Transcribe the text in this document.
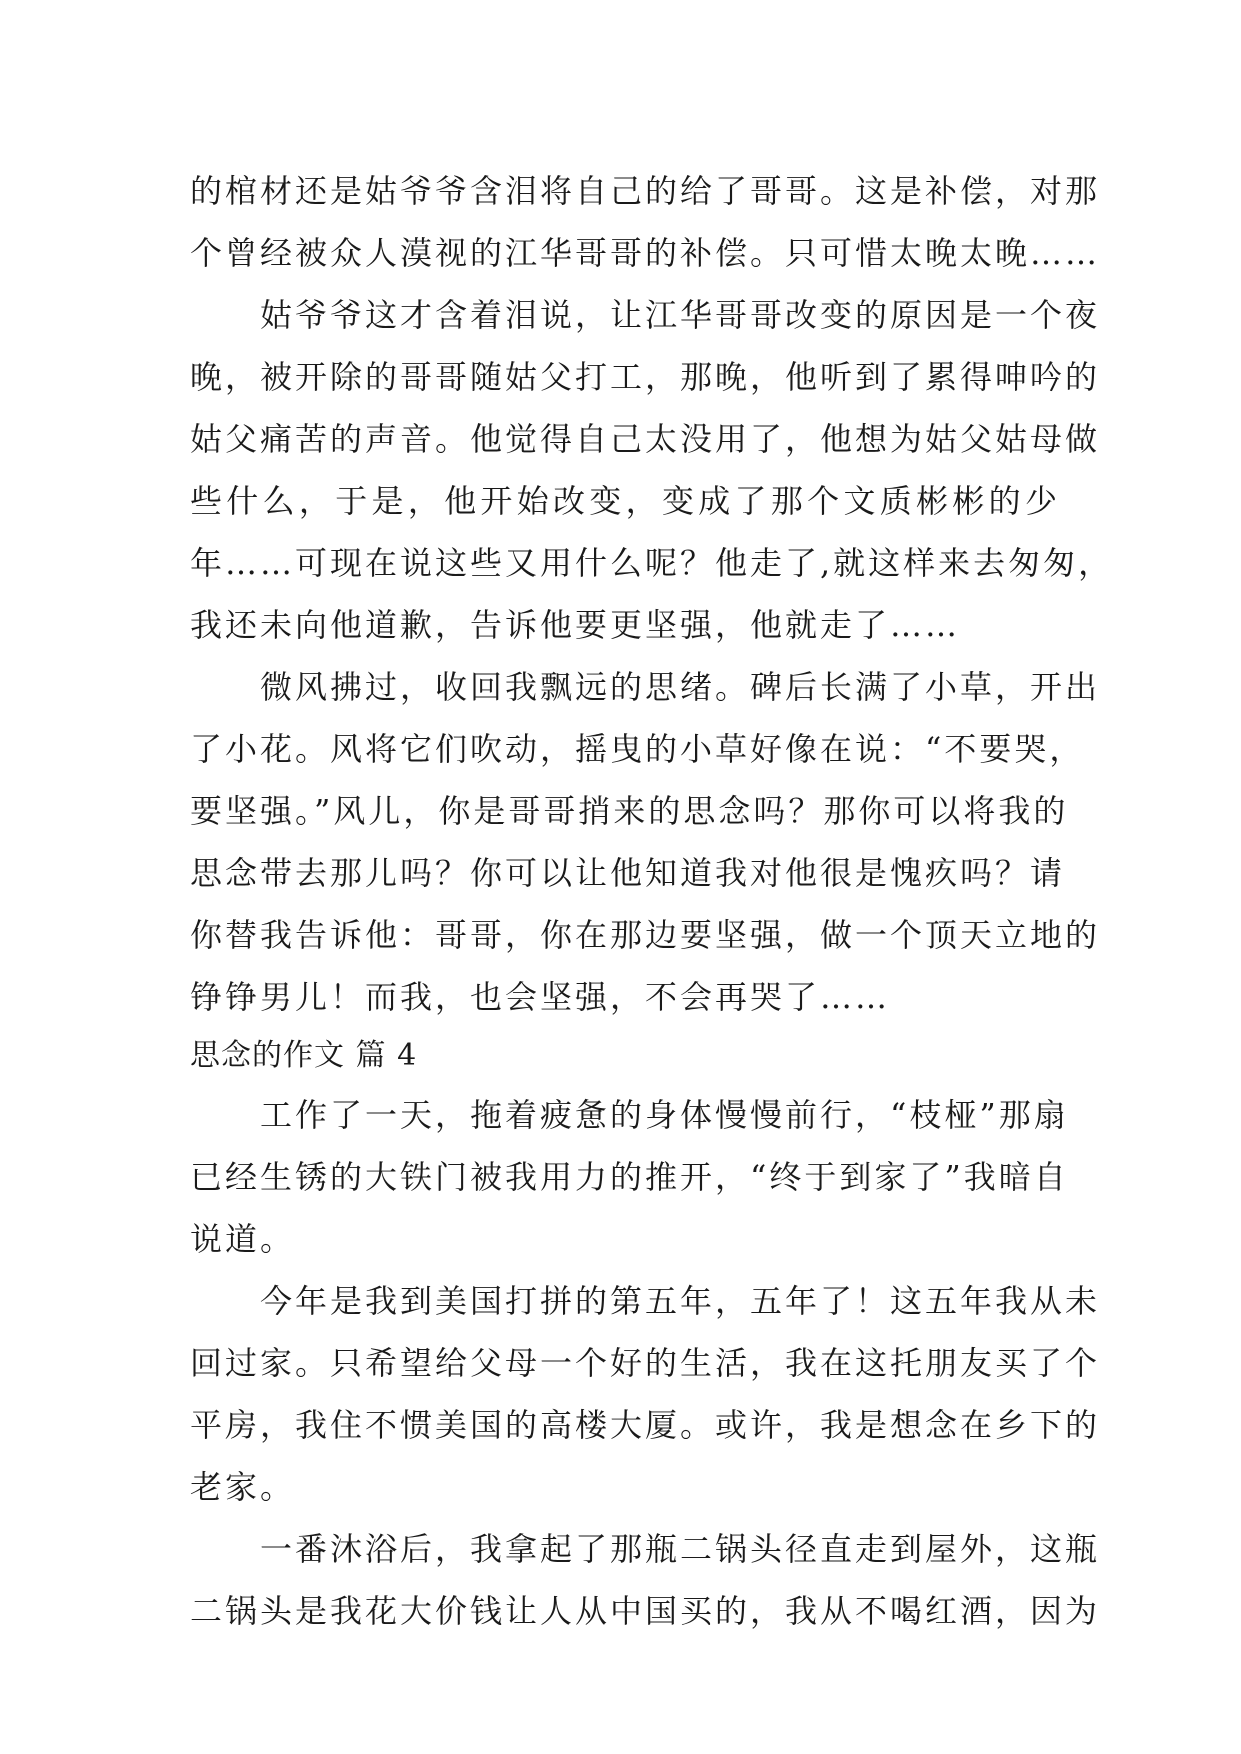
的棺材还是姑爷爷含泪将自己的给了哥哥。这是补偿，对那
个曾经被众人漠视的江华哥哥的补偿。只可惜太晚太晚……
　　姑爷爷这才含着泪说，让江华哥哥改变的原因是一个夜
晚，被开除的哥哥随姑父打工，那晚，他听到了累得呻吟的
姑父痛苦的声音。他觉得自己太没用了，他想为姑父姑母做
些什么，于是，他开始改变，变成了那个文质彬彬的少
年……可现在说这些又用什么呢？他走了,就这样来去匆匆，
我还未向他道歉，告诉他要更坚强，他就走了……
　　微风拂过，收回我飘远的思绪。碑后长满了小草，开出
了小花。风将它们吹动，摇曳的小草好像在说：“不要哭，
要坚强。”风儿，你是哥哥捎来的思念吗？那你可以将我的
思念带去那儿吗？你可以让他知道我对他很是愧疚吗？请
你替我告诉他：哥哥，你在那边要坚强，做一个顶天立地的
铮铮男儿！而我，也会坚强，不会再哭了……
思念的作文 篇 4
　　工作了一天，拖着疲惫的身体慢慢前行，“枝桠”那扇
已经生锈的大铁门被我用力的推开，“终于到家了”我暗自
说道。
　　今年是我到美国打拼的第五年，五年了！这五年我从未
回过家。只希望给父母一个好的生活，我在这托朋友买了个
平房，我住不惯美国的高楼大厦。或许，我是想念在乡下的
老家。
　　一番沐浴后，我拿起了那瓶二锅头径直走到屋外，这瓶
二锅头是我花大价钱让人从中国买的，我从不喝红酒，因为
